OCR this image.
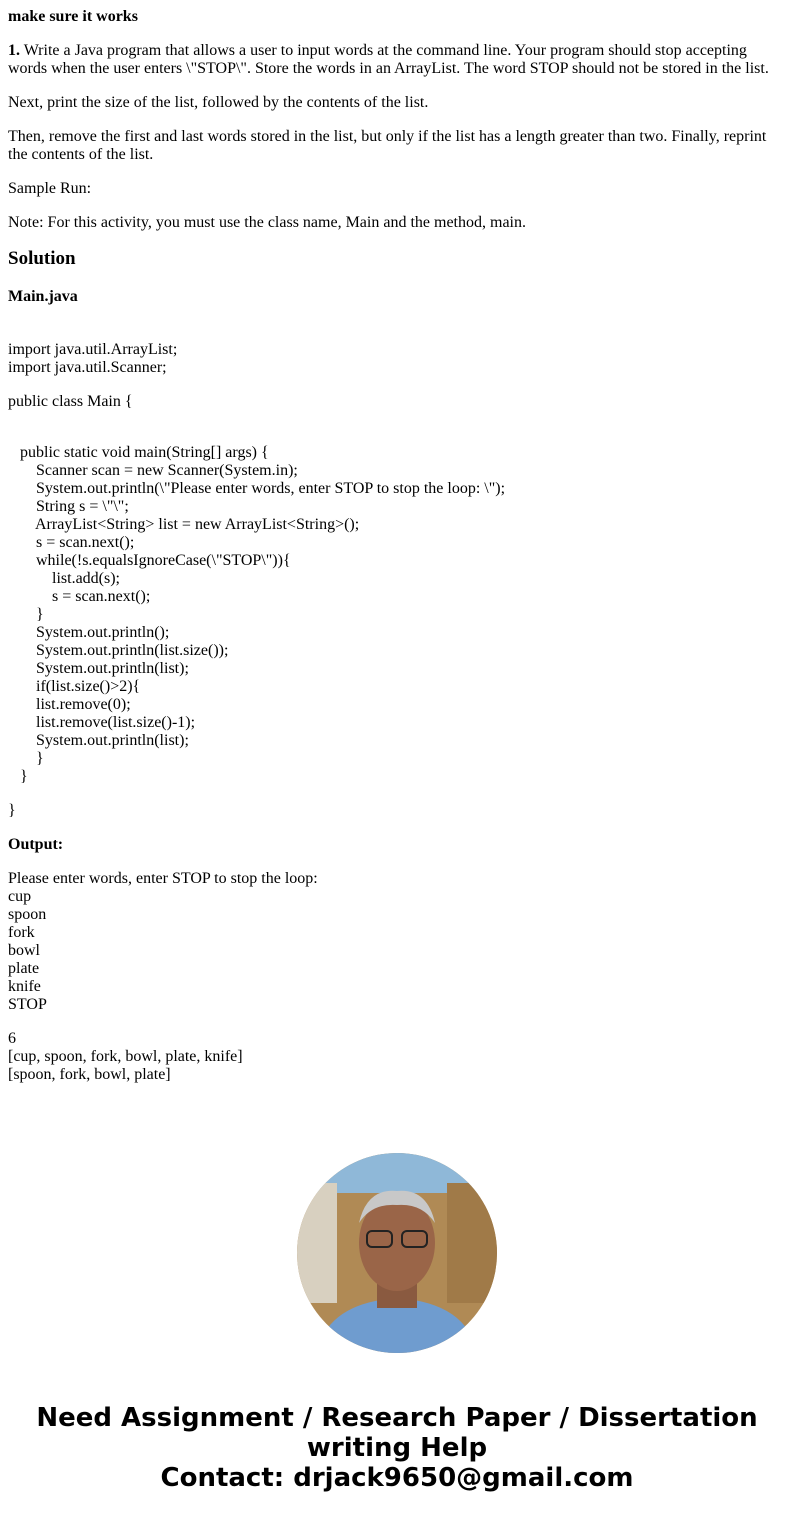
make sure it works

1. Write a Java program that allows a user to input words at the command line. Your program should stop accepting words when the user enters \"STOP\". Store the words in an ArrayList. The word STOP should not be stored in the list.

Next, print the size of the list, followed by the contents of the list.

Then, remove the first and last words stored in the list, but only if the list has a length greater than two. Finally, reprint the contents of the list.

Sample Run:

Note: For this activity, you must use the class name, Main and the method, main.

Solution

Main.java

import java.util.ArrayList;
import java.util.Scanner;
public class Main {
public static void main(String[] args) {
Scanner scan = new Scanner(System.in);
System.out.println(\"Please enter words, enter STOP to stop the loop: \");
String s = \"\";
ArrayList<String> list = new ArrayList<String>();
s = scan.next();
while(!s.equalsIgnoreCase(\"STOP\")){
list.add(s);
s = scan.next();
}
System.out.println();
System.out.println(list.size());
System.out.println(list);
if(list.size()>2){
list.remove(0);
list.remove(list.size()-1);
System.out.println(list);
}
}
}

Output:

Please enter words, enter STOP to stop the loop:
cup
spoon
fork
bowl
plate
knife
STOP
6
[cup, spoon, fork, bowl, plate, knife]
[spoon, fork, bowl, plate]
Need Assignment / Research Paper / Dissertation
writing Help
Contact: drjack9650@gmail.com
